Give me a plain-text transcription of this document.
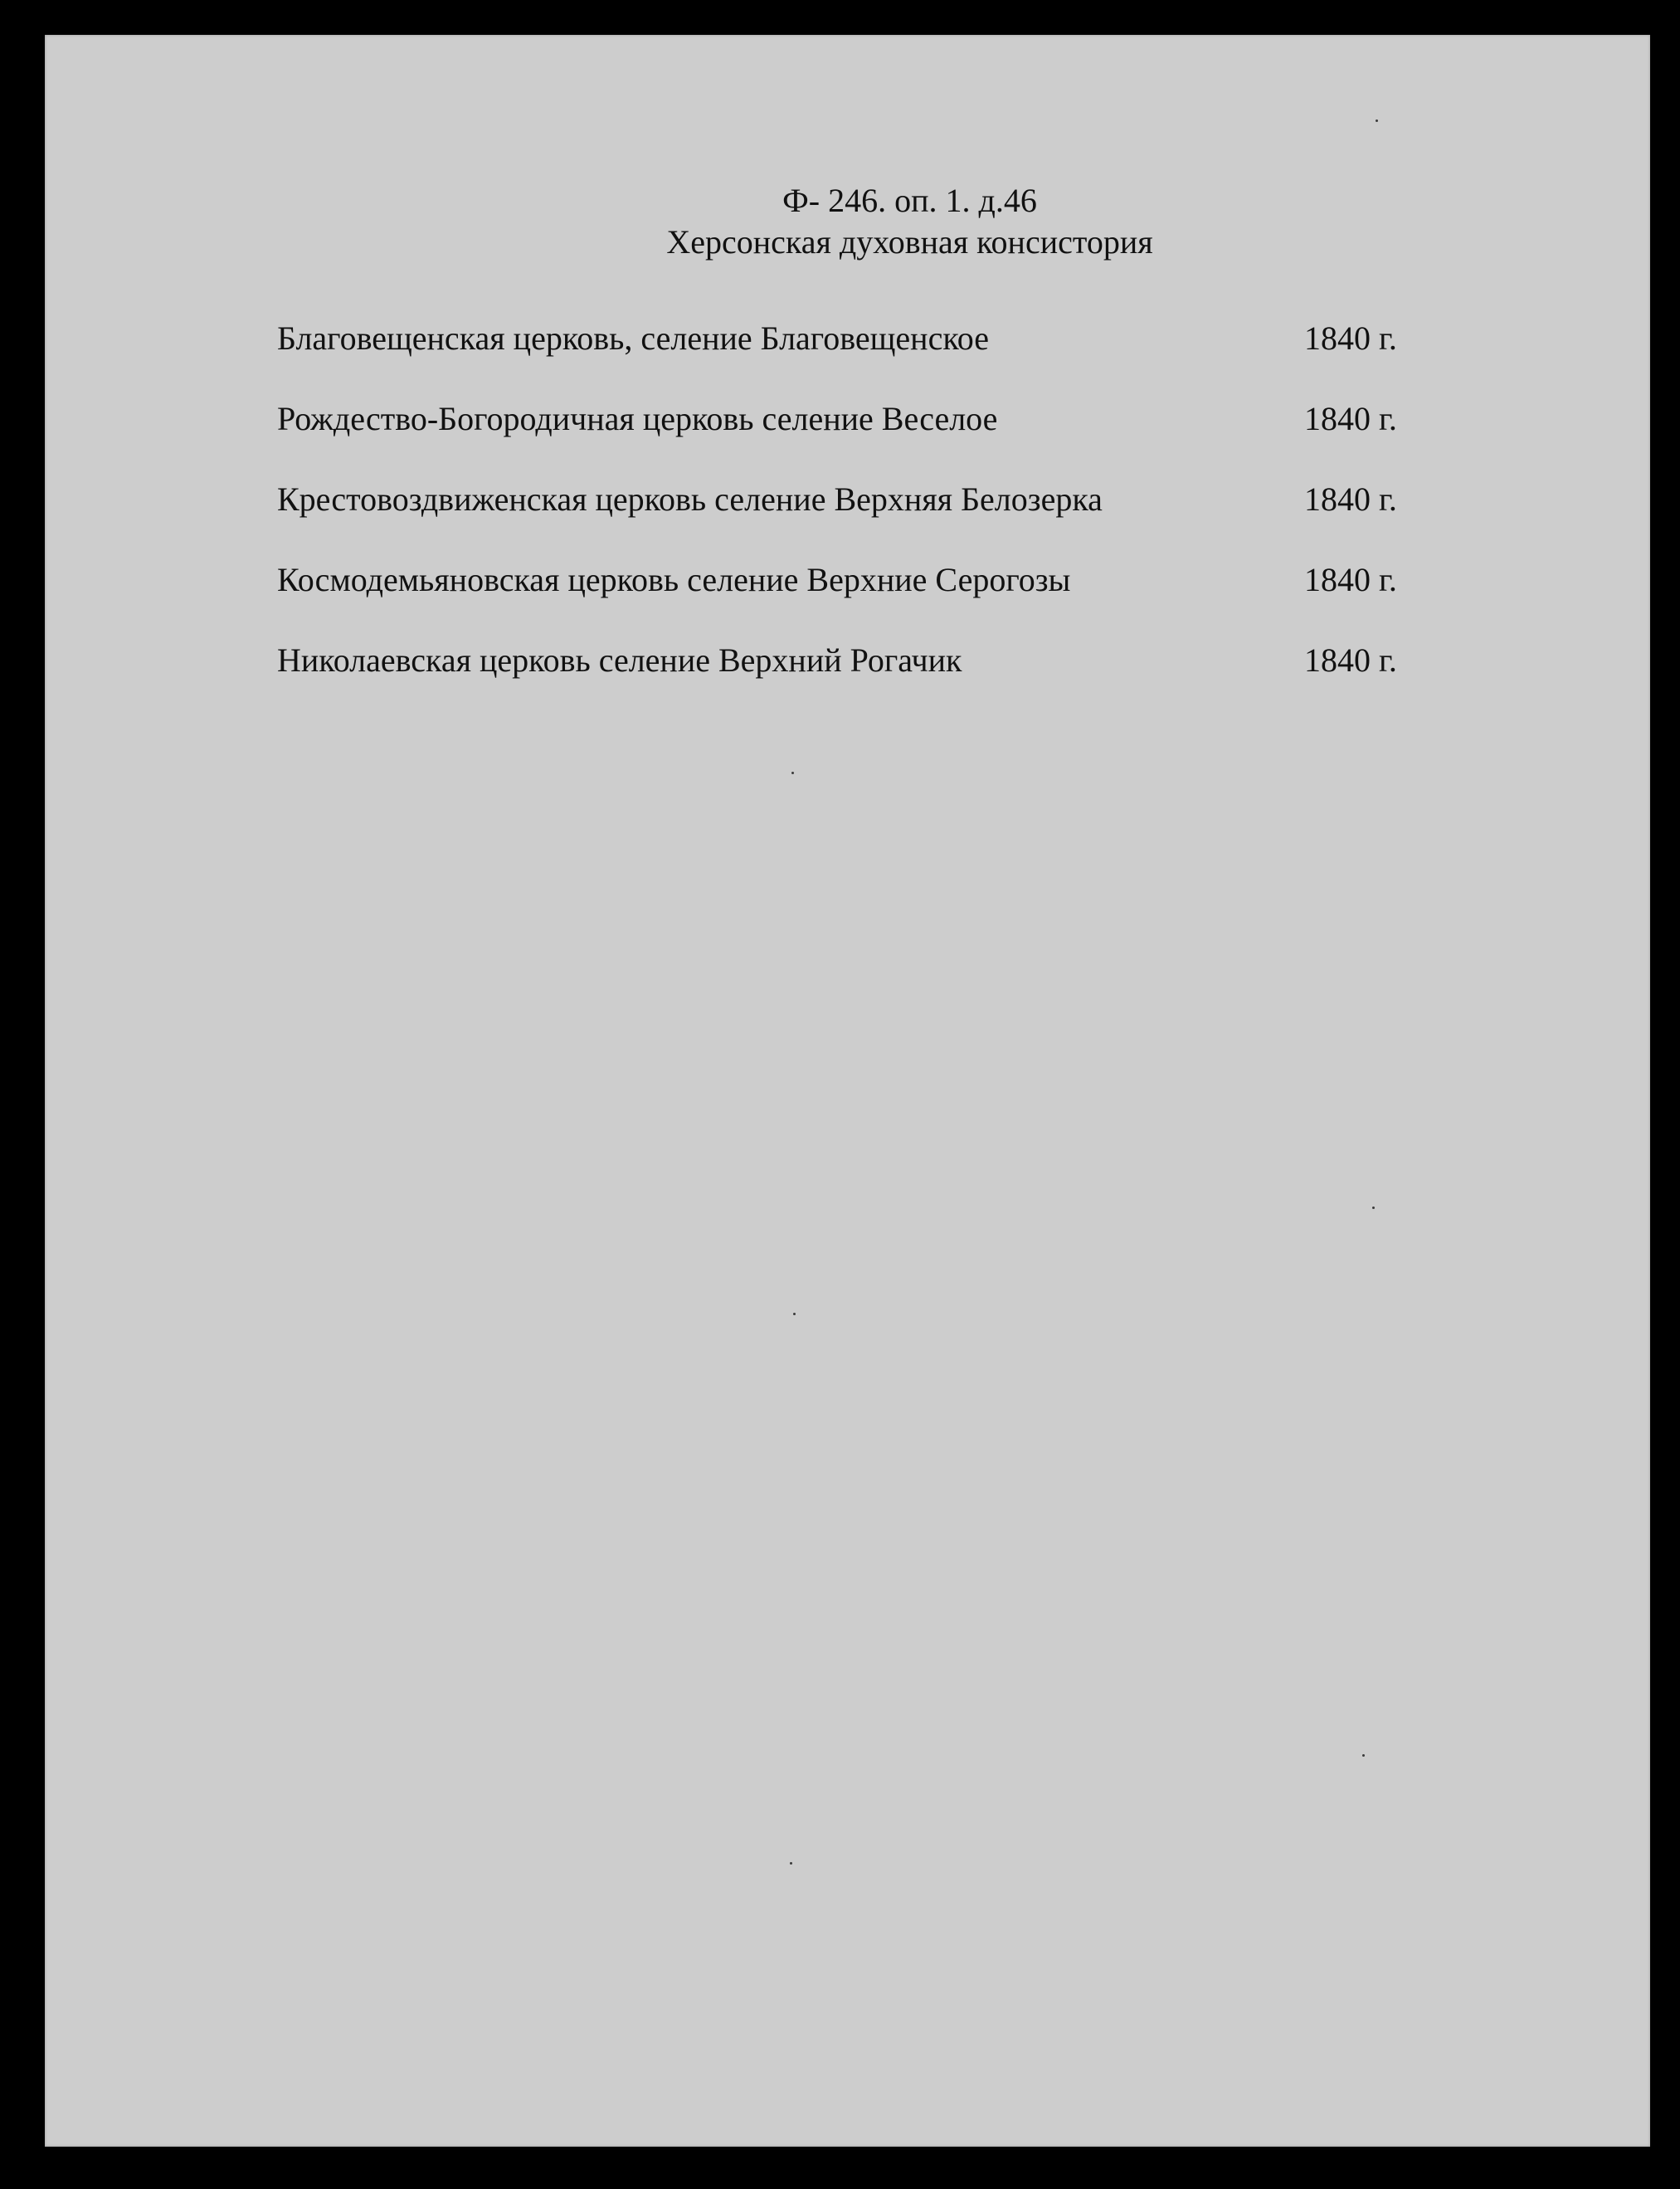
Ф- 246. оп. 1. д.46
Херсонская духовная консистория
Благовещенская церковь, селение Благовещенское	1840 г.
Рождество-Богородичная церковь селение Веселое	1840 г.
Крестовоздвиженская церковь селение Верхняя Белозерка	1840 г.
Космодемьяновская церковь селение Верхние Серогозы	1840 г.
Николаевская церковь селение Верхний Рогачик	1840 г.
